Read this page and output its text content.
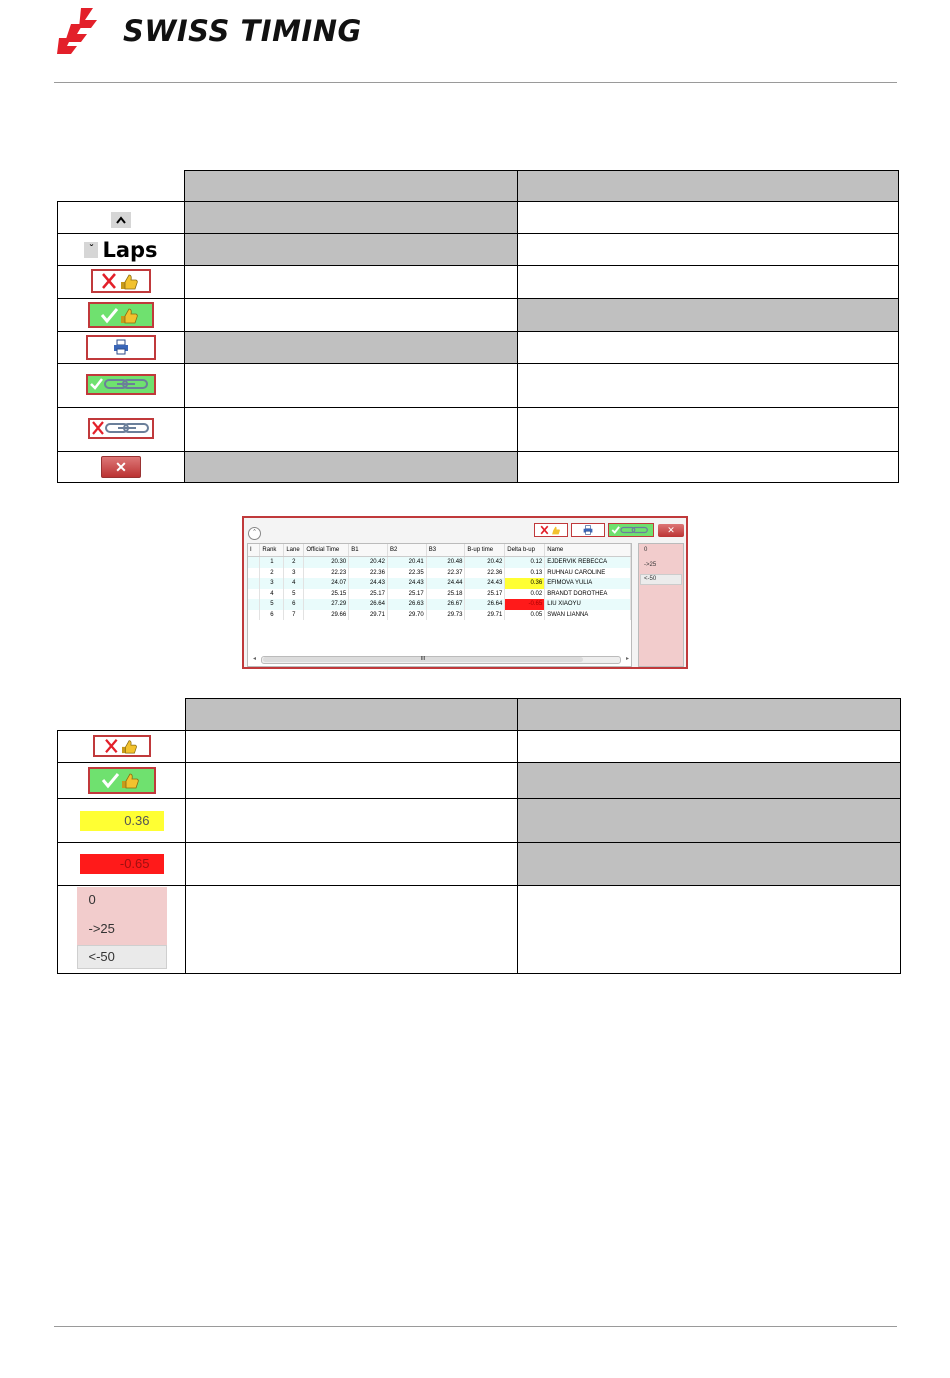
SWISS TIMING

ˇ Laps		

✕		
ˆ	✕
I	Rank	Lane	Official Time	B1	B2	B3	B-up time	Delta b-up	Name
	1	2	20.30	20.42	20.41	20.48	20.42	0.12	EJDERVIK REBECCA
	2	3	22.23	22.36	22.35	22.37	22.36	0.13	RUHNAU CAROLINE
	3	4	24.07	24.43	24.43	24.44	24.43	0.36	EFIMOVA YULIA
	4	5	25.15	25.17	25.17	25.18	25.17	0.02	BRANDT DOROTHEA
	5	6	27.29	26.64	26.63	26.67	26.64	-0.65	LIU XIAOYU
	6	7	29.66	29.71	29.70	29.73	29.71	0.05	SWAN LIANNA
◂	III	▸
0
->25
<-50

0.36		
-0.65		

0
->25
<-50		
